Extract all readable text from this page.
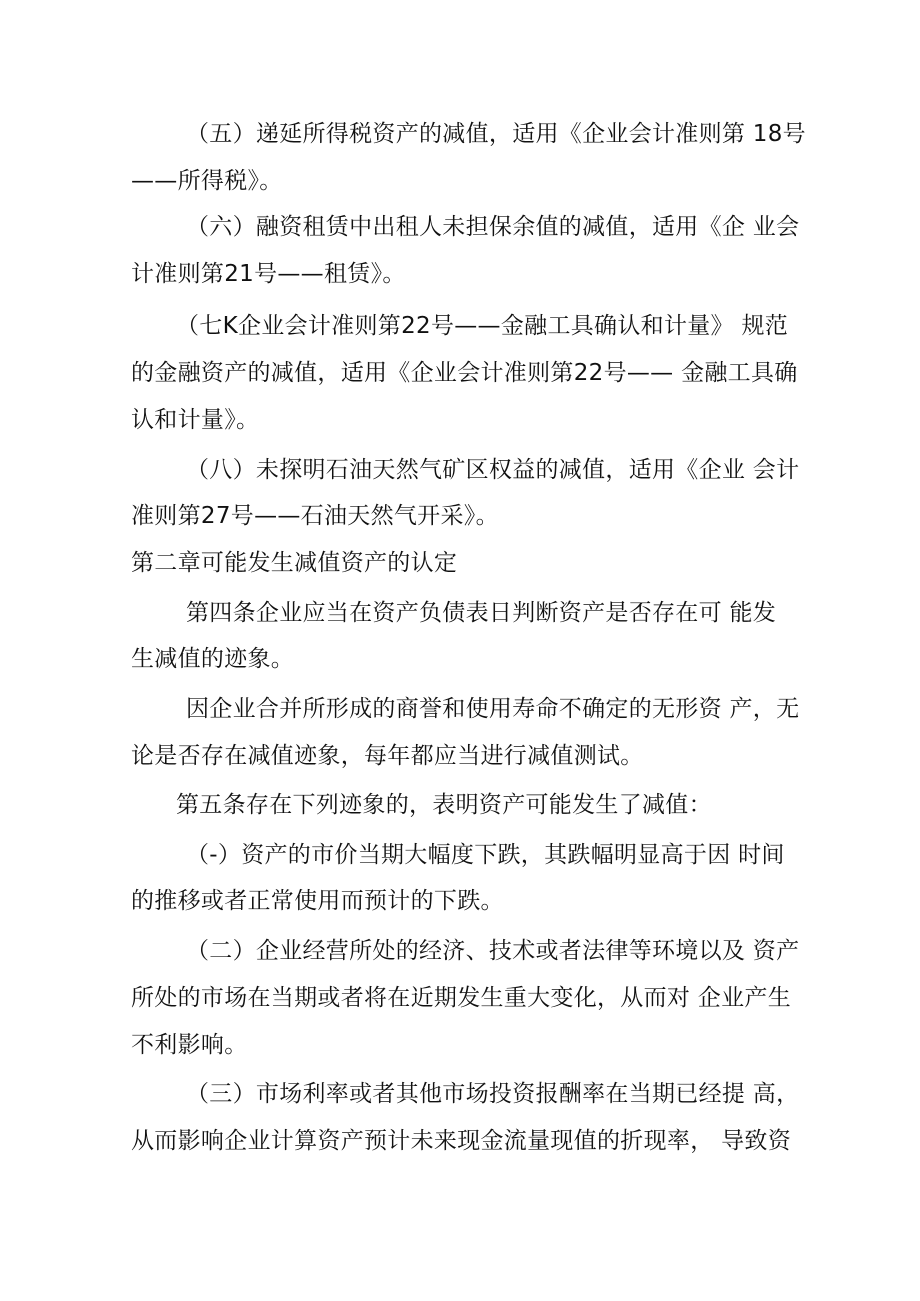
（五）递延所得税资产的减值，适用《企业会计准则第 18号
——所得税》。
（六）融资租赁中出租人未担保余值的减值，适用《企 业会
计准则第21号——租赁》。
（七K企业会计准则第22号——金融工具确认和计量》 规范
的金融资产的减值，适用《企业会计准则第22号—— 金融工具确
认和计量》。
（八）未探明石油天然气矿区权益的减值，适用《企业 会计
准则第27号——石油天然气开采》。
第二章可能发生减值资产的认定
第四条企业应当在资产负债表日判断资产是否存在可 能发
生减值的迹象。
因企业合并所形成的商誉和使用寿命不确定的无形资 产，无
论是否存在减值迹象，每年都应当进行减值测试。
第五条存在下列迹象的，表明资产可能发生了减值：
（-）资产的市价当期大幅度下跌，其跌幅明显高于因 时间
的推移或者正常使用而预计的下跌。
（二）企业经营所处的经济、技术或者法律等环境以及 资产
所处的市场在当期或者将在近期发生重大变化，从而对 企业产生
不利影响。
（三）市场利率或者其他市场投资报酬率在当期已经提 高，
从而影响企业计算资产预计未来现金流量现值的折现率， 导致资
